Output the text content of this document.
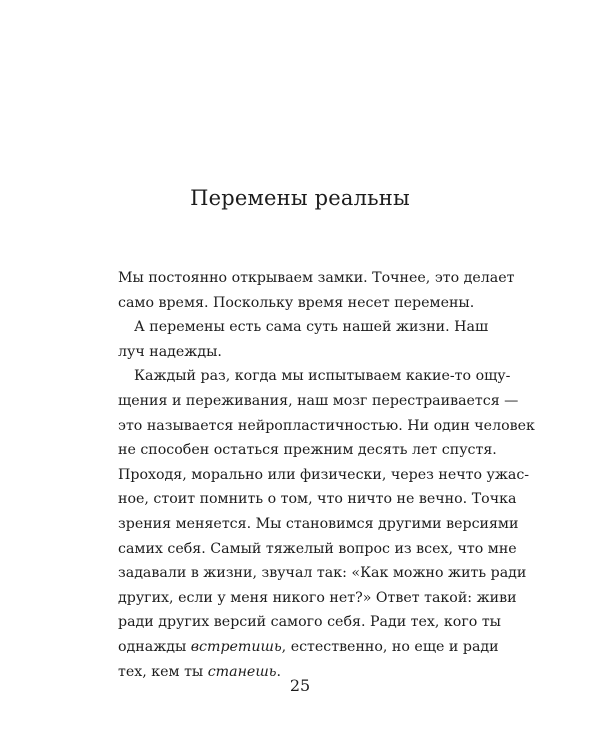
Перемены реальны
Мы постоянно открываем замки. Точнее, это делает
само время. Поскольку время несет перемены.
А перемены есть сама суть нашей жизни. Наш
луч надежды.
Каждый раз, когда мы испытываем какие-то ощу-
щения и переживания, наш мозг перестраивается —
это называется нейропластичностью. Ни один человек
не способен остаться прежним десять лет спустя.
Проходя, морально или физически, через нечто ужас-
ное, стоит помнить о том, что ничто не вечно. Точка
зрения меняется. Мы становимся другими версиями
самих себя. Самый тяжелый вопрос из всех, что мне
задавали в жизни, звучал так: «Как можно жить ради
других, если у меня никого нет?» Ответ такой: живи
ради других версий самого себя. Ради тех, кого ты
однажды встретишь, естественно, но еще и ради
тех, кем ты станешь.

25
